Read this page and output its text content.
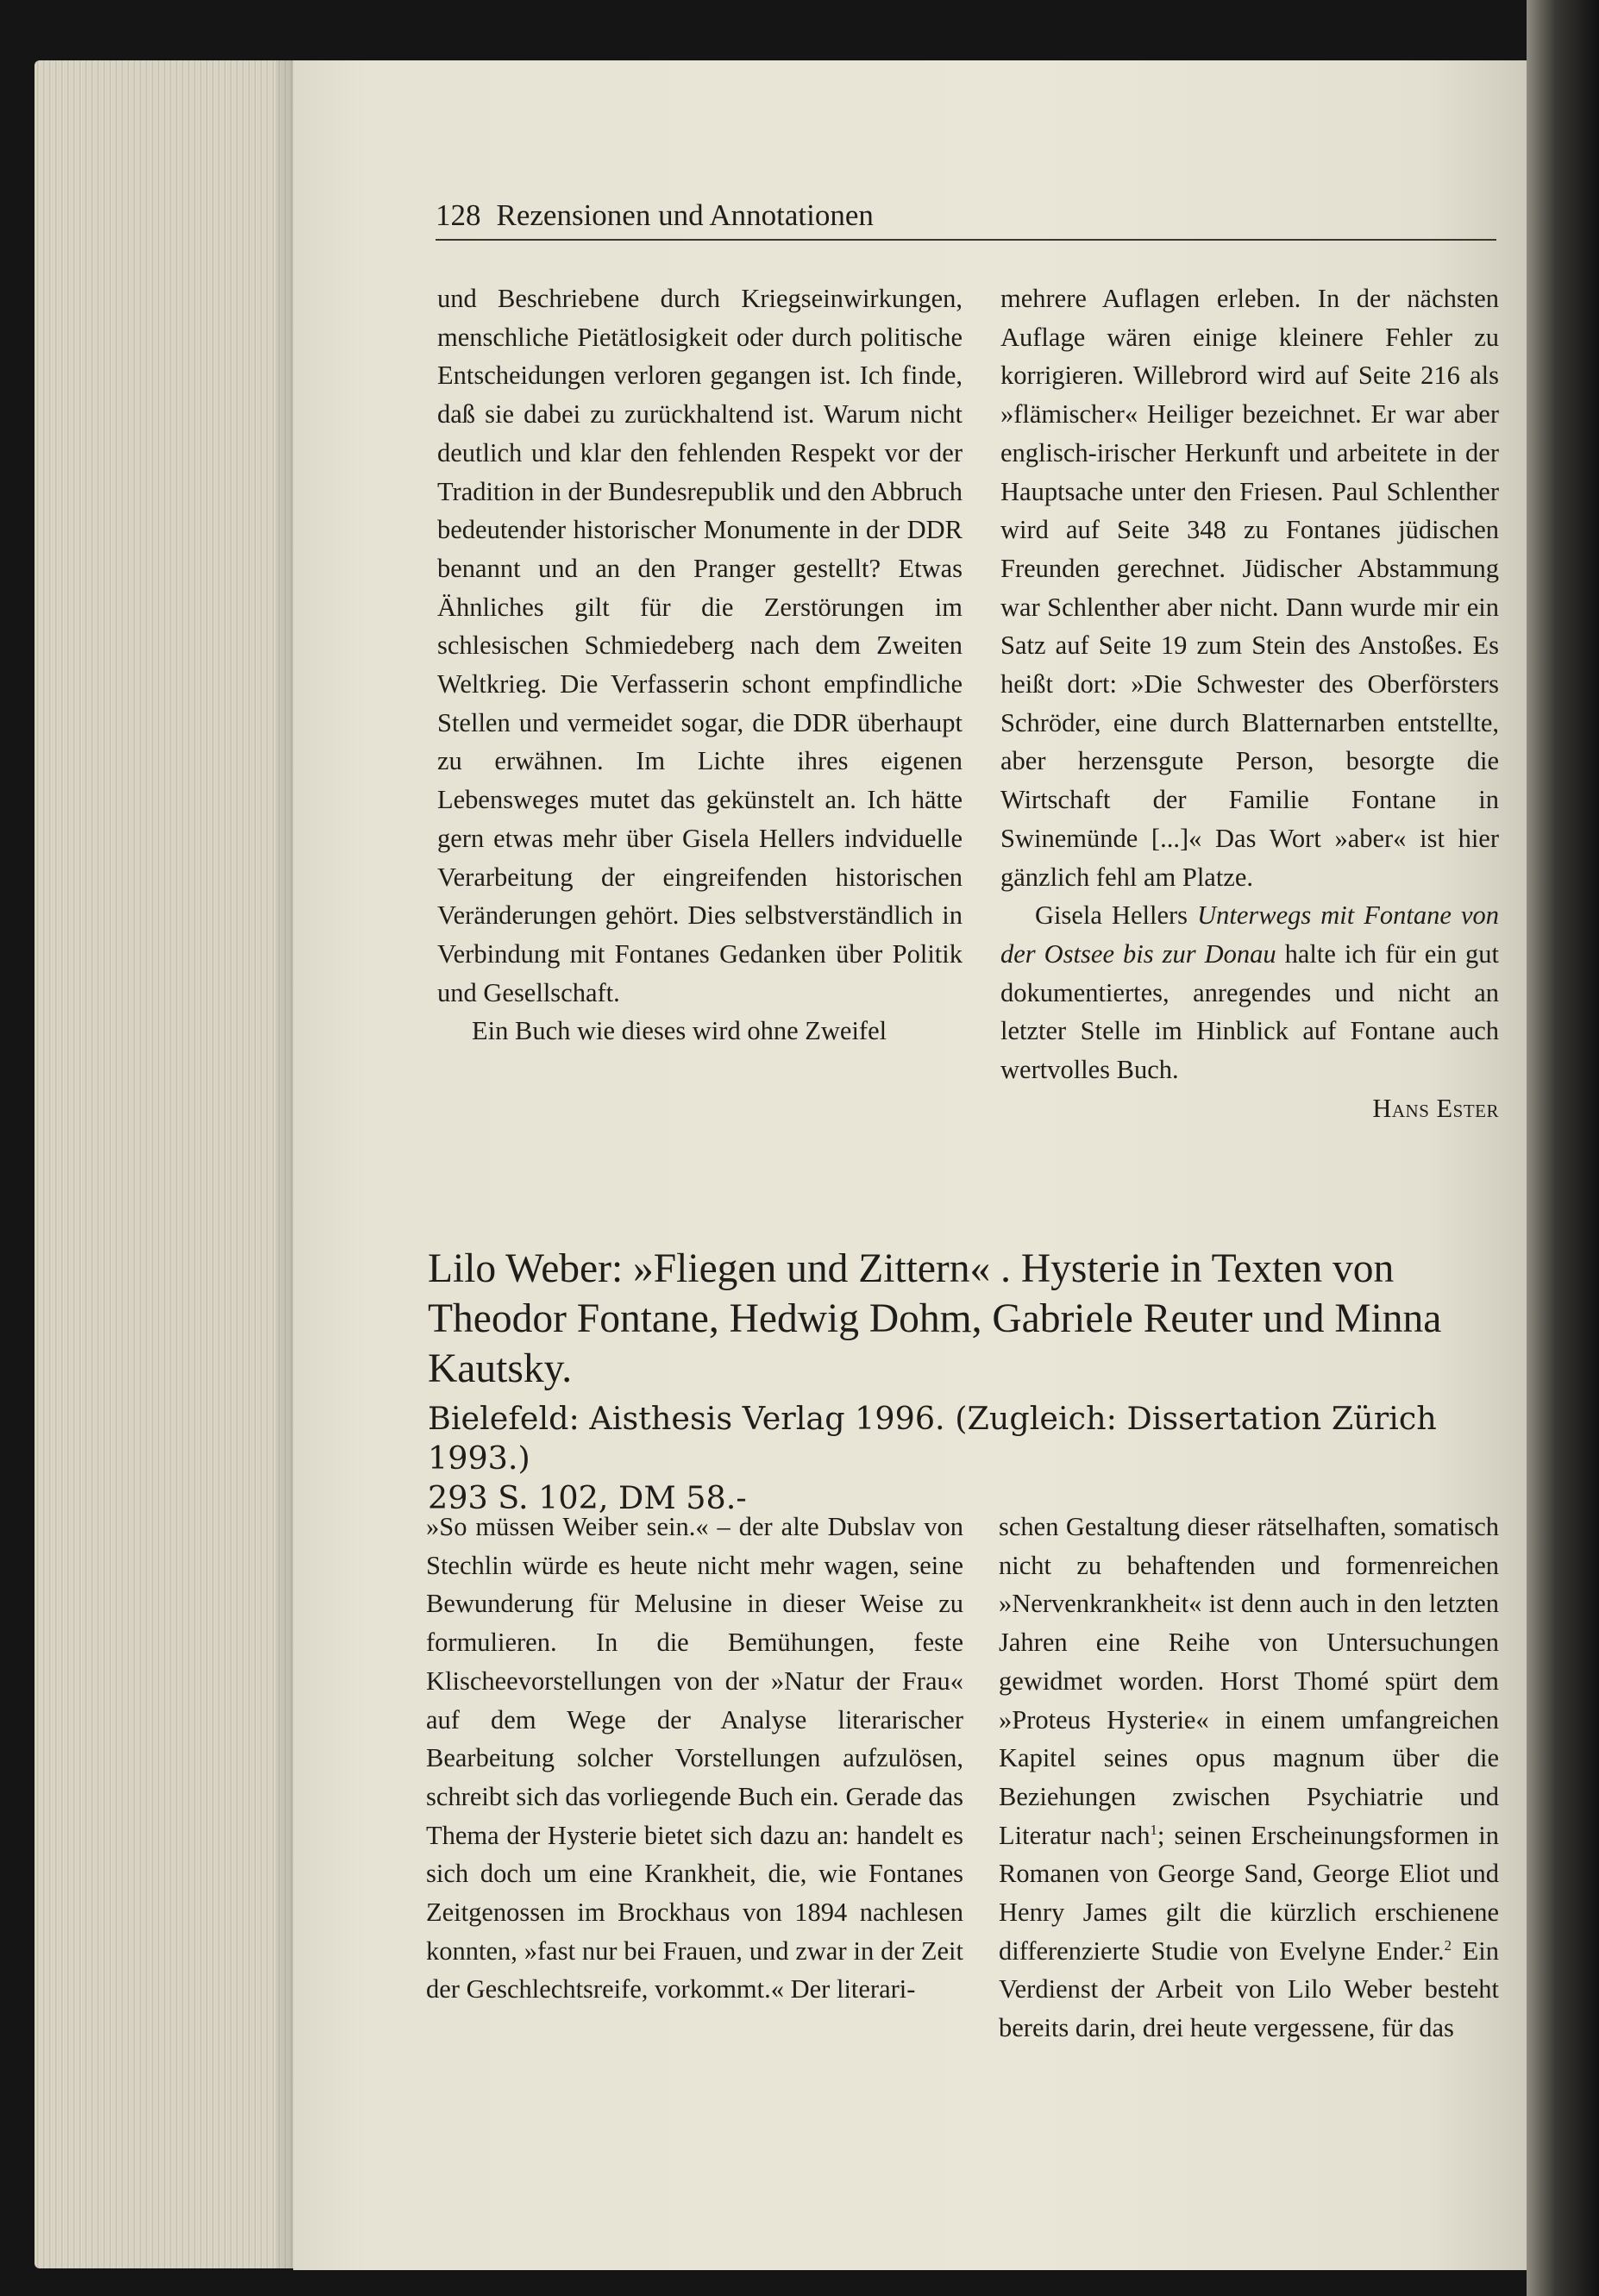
128 Rezensionen und Annotationen

und Beschriebene durch Kriegseinwirkungen, menschliche Pietätlosigkeit oder durch politische Entscheidungen verloren gegangen ist. Ich finde, daß sie dabei zu zurückhaltend ist. Warum nicht deutlich und klar den fehlenden Respekt vor der Tradition in der Bundesrepublik und den Abbruch bedeutender historischer Monumente in der DDR benannt und an den Pranger gestellt? Etwas Ähnliches gilt für die Zerstörungen im schlesischen Schmiedeberg nach dem Zweiten Weltkrieg. Die Verfasserin schont empfindliche Stellen und vermeidet sogar, die DDR überhaupt zu erwähnen. Im Lichte ihres eigenen Lebensweges mutet das gekünstelt an. Ich hätte gern etwas mehr über Gisela Hellers indviduelle Verarbeitung der eingreifenden historischen Veränderungen gehört. Dies selbstverständlich in Verbindung mit Fontanes Gedanken über Politik und Gesellschaft.

Ein Buch wie dieses wird ohne Zweifel

mehrere Auflagen erleben. In der nächsten Auflage wären einige kleinere Fehler zu korrigieren. Willebrord wird auf Seite 216 als »flämischer« Heiliger bezeichnet. Er war aber englisch-irischer Herkunft und arbeitete in der Hauptsache unter den Friesen. Paul Schlenther wird auf Seite 348 zu Fontanes jüdischen Freunden gerechnet. Jüdischer Abstammung war Schlenther aber nicht. Dann wurde mir ein Satz auf Seite 19 zum Stein des Anstoßes. Es heißt dort: »Die Schwester des Oberförsters Schröder, eine durch Blatternarben entstellte, aber herzensgute Person, besorgte die Wirtschaft der Familie Fontane in Swinemünde [...]« Das Wort »aber« ist hier gänzlich fehl am Platze.

Gisela Hellers Unterwegs mit Fontane von der Ostsee bis zur Donau halte ich für ein gut dokumentiertes, anregendes und nicht an letzter Stelle im Hinblick auf Fontane auch wertvolles Buch.

Hans Ester

Lilo Weber: »Fliegen und Zittern« . Hysterie in Texten von Theodor Fontane, Hedwig Dohm, Gabriele Reuter und Minna Kautsky.
Bielefeld: Aisthesis Verlag 1996. (Zugleich: Dissertation Zürich 1993.)
293 S. 102, DM 58.-

»So müssen Weiber sein.« – der alte Dubslav von Stechlin würde es heute nicht mehr wagen, seine Bewunderung für Melusine in dieser Weise zu formulieren. In die Bemühungen, feste Klischeevorstellungen von der »Natur der Frau« auf dem Wege der Analyse literarischer Bearbeitung solcher Vorstellungen aufzulösen, schreibt sich das vorliegende Buch ein. Gerade das Thema der Hysterie bietet sich dazu an: handelt es sich doch um eine Krankheit, die, wie Fontanes Zeitgenossen im Brockhaus von 1894 nachlesen konnten, »fast nur bei Frauen, und zwar in der Zeit der Geschlechtsreife, vorkommt.« Der literari-

schen Gestaltung dieser rätselhaften, somatisch nicht zu behaftenden und formenreichen »Nervenkrankheit« ist denn auch in den letzten Jahren eine Reihe von Untersuchungen gewidmet worden. Horst Thomé spürt dem »Proteus Hysterie« in einem umfangreichen Kapitel seines opus magnum über die Beziehungen zwischen Psychiatrie und Literatur nach$^1$; seinen Erscheinungsformen in Romanen von George Sand, George Eliot und Henry James gilt die kürzlich erschienene differenzierte Studie von Evelyne Ender.$^2$ Ein Verdienst der Arbeit von Lilo Weber besteht bereits darin, drei heute vergessene, für das
